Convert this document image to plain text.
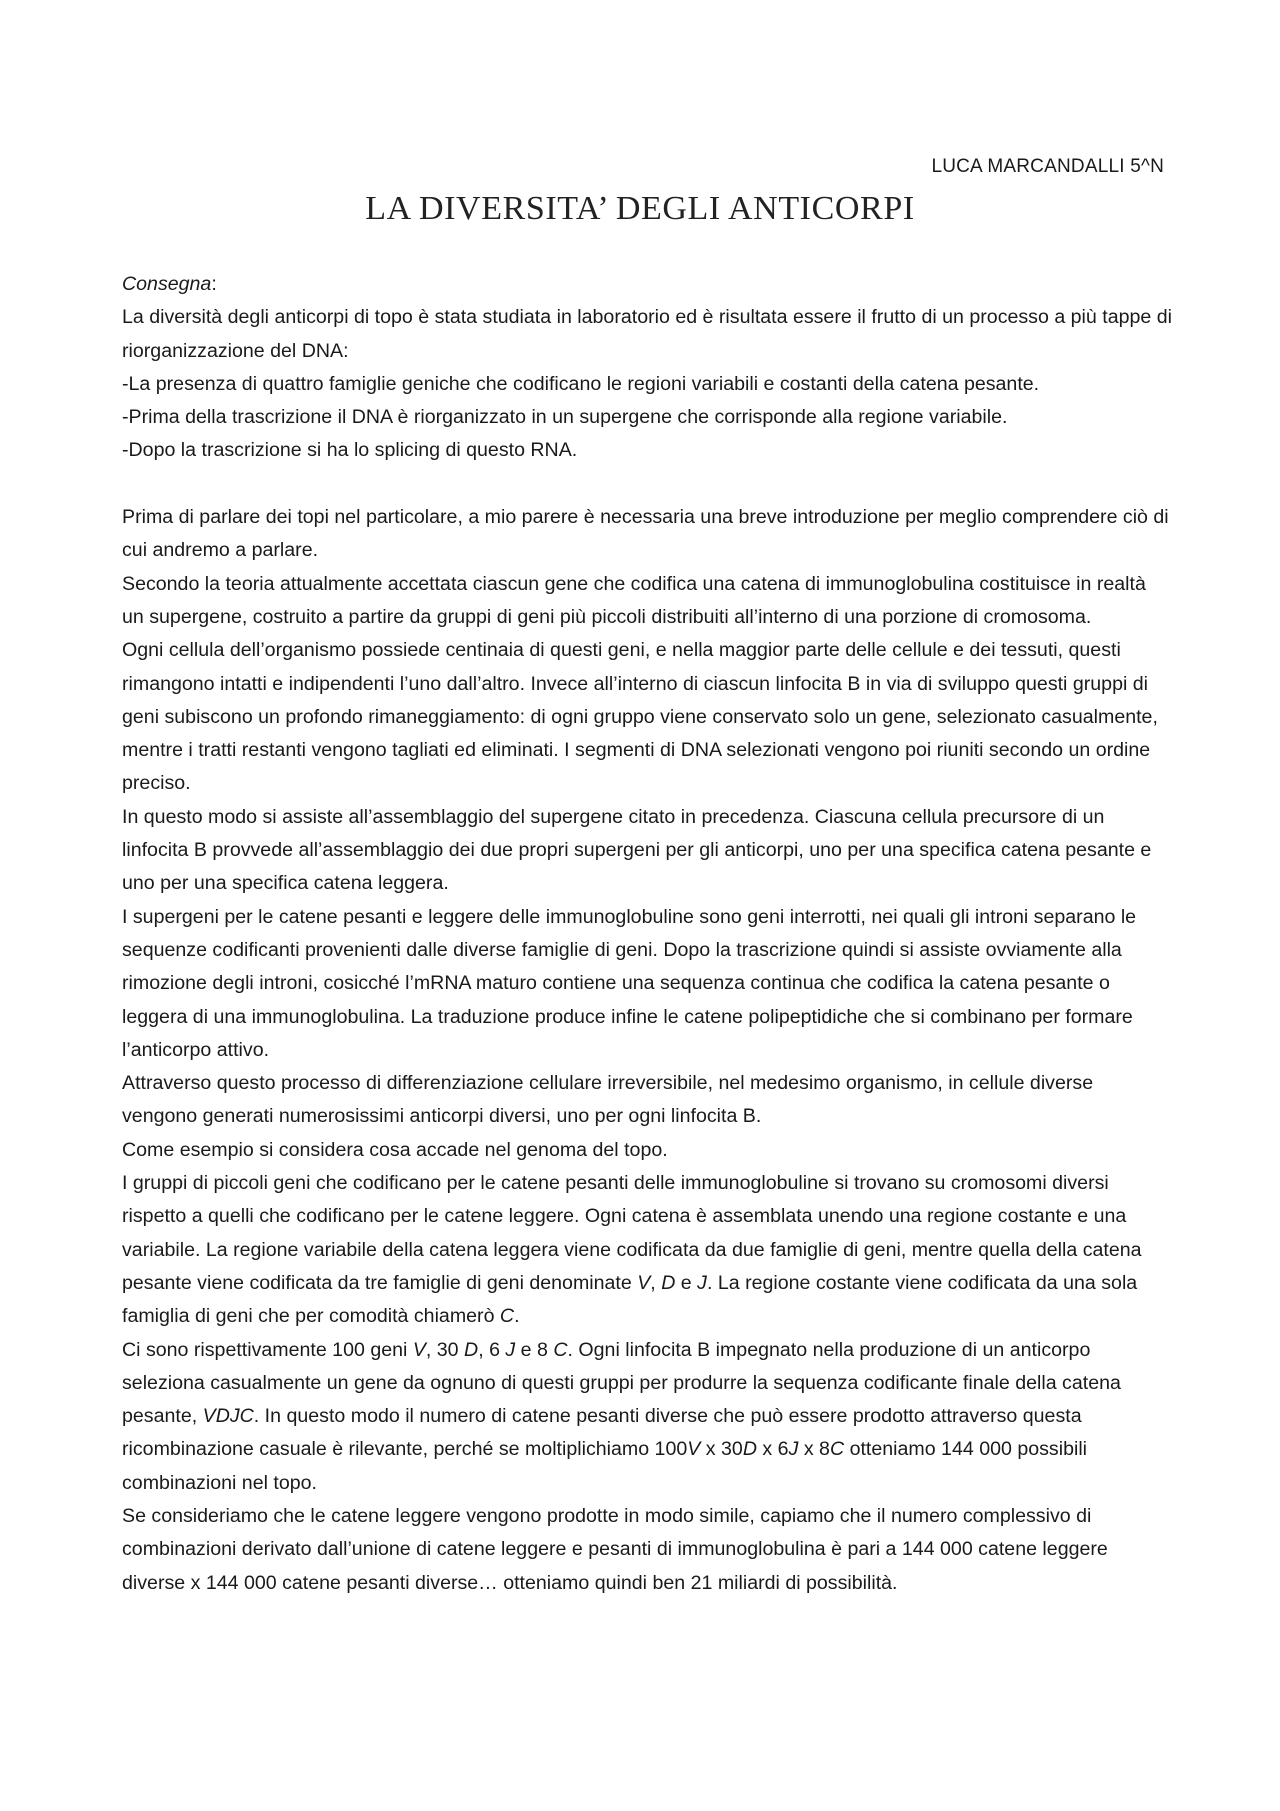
LUCA MARCANDALLI 5^N
LA DIVERSITA’ DEGLI ANTICORPI

Consegna:

La diversità degli anticorpi di topo è stata studiata in laboratorio ed è risultata essere il frutto di un processo a più tappe di riorganizzazione del DNA:

-La presenza di quattro famiglie geniche che codificano le regioni variabili e costanti della catena pesante.

-Prima della trascrizione il DNA è riorganizzato in un supergene che corrisponde alla regione variabile.

-Dopo la trascrizione si ha lo splicing di questo RNA.

Prima di parlare dei topi nel particolare, a mio parere è necessaria una breve introduzione per meglio comprendere ciò di cui andremo a parlare.

Secondo la teoria attualmente accettata ciascun gene che codifica una catena di immunoglobulina costituisce in realtà un supergene, costruito a partire da gruppi di geni più piccoli distribuiti all’interno di una porzione di cromosoma.

Ogni cellula dell’organismo possiede centinaia di questi geni, e nella maggior parte delle cellule e dei tessuti, questi rimangono intatti e indipendenti l’uno dall’altro. Invece all’interno di ciascun linfocita B in via di sviluppo questi gruppi di geni subiscono un profondo rimaneggiamento: di ogni gruppo viene conservato solo un gene, selezionato casualmente, mentre i tratti restanti vengono tagliati ed eliminati. I segmenti di DNA selezionati vengono poi riuniti secondo un ordine preciso.

In questo modo si assiste all’assemblaggio del supergene citato in precedenza. Ciascuna cellula precursore di un linfocita B provvede all’assemblaggio dei due propri supergeni per gli anticorpi, uno per una specifica catena pesante e uno per una specifica catena leggera.

I supergeni per le catene pesanti e leggere delle immunoglobuline sono geni interrotti, nei quali gli introni separano le sequenze codificanti provenienti dalle diverse famiglie di geni. Dopo la trascrizione quindi si assiste ovviamente alla rimozione degli introni, cosicché l’mRNA maturo contiene una sequenza continua che codifica la catena pesante o leggera di una immunoglobulina. La traduzione produce infine le catene polipeptidiche che si combinano per formare l’anticorpo attivo.

Attraverso questo processo di differenziazione cellulare irreversibile, nel medesimo organismo, in cellule diverse vengono generati numerosissimi anticorpi diversi, uno per ogni linfocita B.

Come esempio si considera cosa accade nel genoma del topo.

I gruppi di piccoli geni che codificano per le catene pesanti delle immunoglobuline si trovano su cromosomi diversi rispetto a quelli che codificano per le catene leggere. Ogni catena è assemblata unendo una regione costante e una variabile. La regione variabile della catena leggera viene codificata da due famiglie di geni, mentre quella della catena pesante viene codificata da tre famiglie di geni denominate V, D e J. La regione costante viene codificata da una sola famiglia di geni che per comodità chiamerò C.

Ci sono rispettivamente 100 geni V, 30 D, 6 J e 8 C. Ogni linfocita B impegnato nella produzione di un anticorpo seleziona casualmente un gene da ognuno di questi gruppi per produrre la sequenza codificante finale della catena pesante, VDJC. In questo modo il numero di catene pesanti diverse che può essere prodotto attraverso questa ricombinazione casuale è rilevante, perché se moltiplichiamo 100V x 30D x 6J x 8C otteniamo 144 000 possibili combinazioni nel topo.

Se consideriamo che le catene leggere vengono prodotte in modo simile, capiamo che il numero complessivo di combinazioni derivato dall’unione di catene leggere e pesanti di immunoglobulina è pari a 144 000 catene leggere diverse x 144 000 catene pesanti diverse… otteniamo quindi ben 21 miliardi di possibilità.
